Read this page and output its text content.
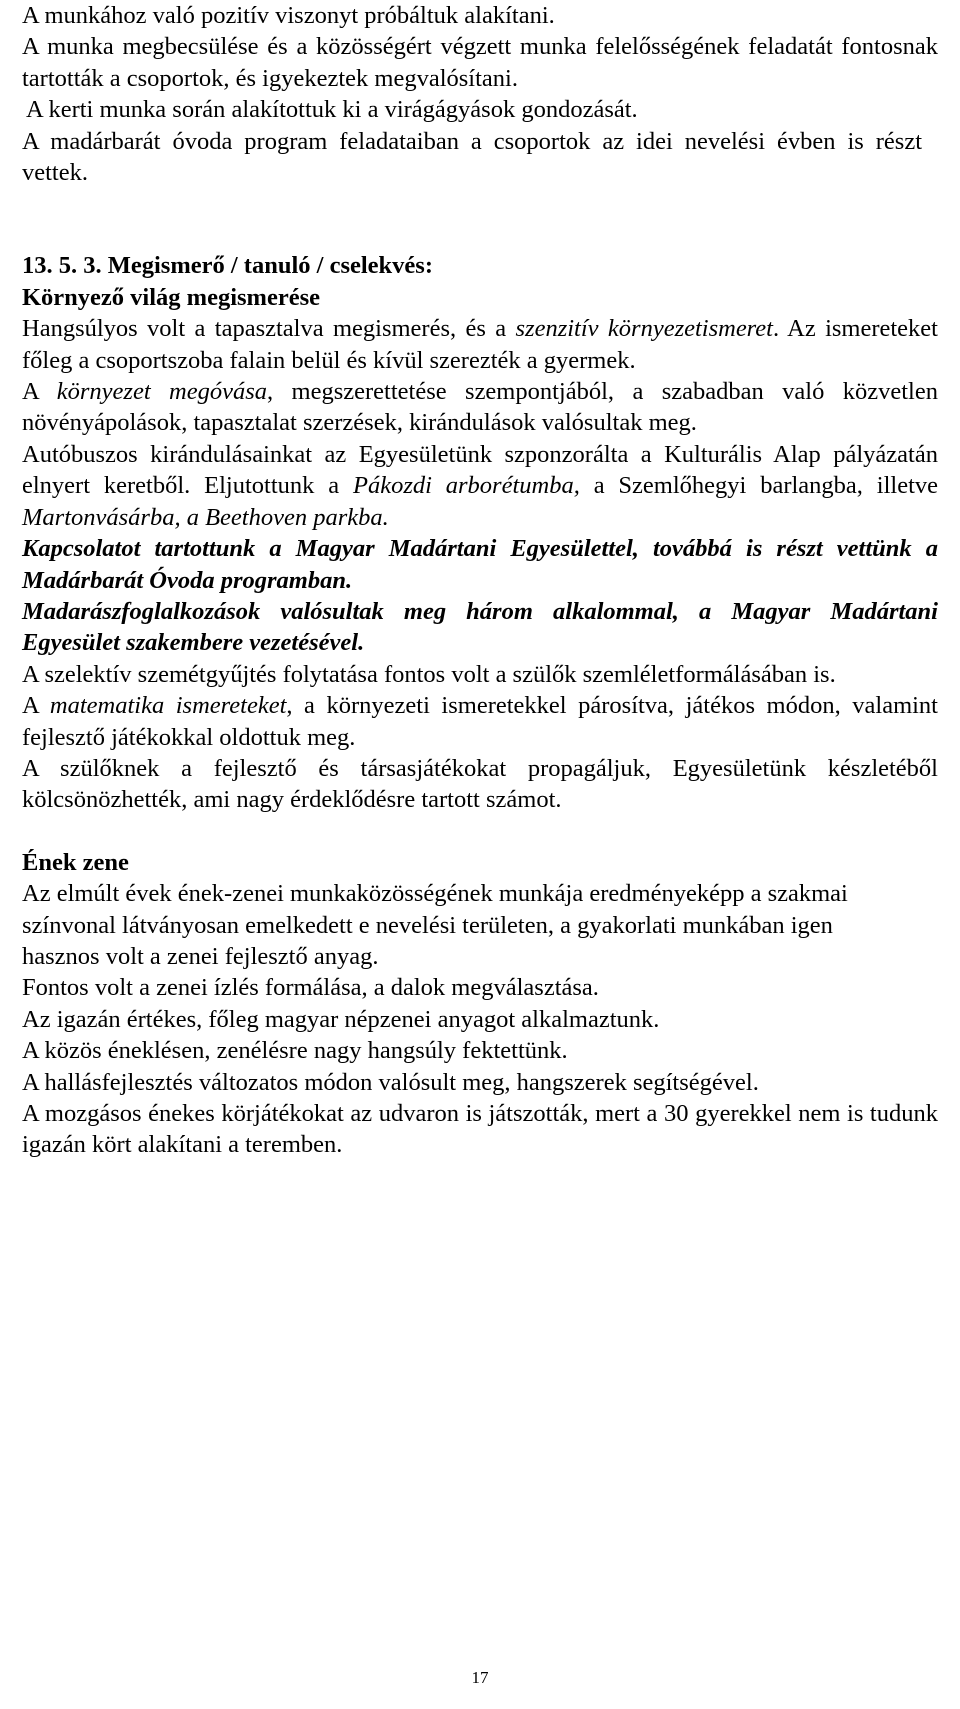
A munkához való pozitív viszonyt próbáltuk alakítani.

A munka megbecsülése és a közösségért végzett munka felelősségének feladatát fontosnak tartották a csoportok, és igyekeztek megvalósítani.

A kerti munka során alakítottuk ki a virágágyások gondozását.

A madárbarát óvoda program feladataiban a csoportok az idei nevelési évben is részt vettek.

13. 5. 3. Megismerő / tanuló / cselekvés:

Környező világ megismerése

Hangsúlyos volt a tapasztalva megismerés, és a szenzitív környezetismeret. Az ismereteket főleg a csoportszoba falain belül és kívül szerezték a gyermek.

A környezet megóvása, megszerettetése szempontjából, a szabadban való közvetlen növényápolások, tapasztalat szerzések, kirándulások valósultak meg.

Autóbuszos kirándulásainkat az Egyesületünk szponzorálta a Kulturális Alap pályázatán elnyert keretből. Eljutottunk a Pákozdi arborétumba, a Szemlőhegyi barlangba, illetve Martonvásárba, a Beethoven parkba.

Kapcsolatot tartottunk a Magyar Madártani Egyesülettel, továbbá is részt vettünk a Madárbarát Óvoda programban.

Madarászfoglalkozások valósultak meg három alkalommal, a Magyar Madártani Egyesület szakembere vezetésével.

A szelektív szemétgyűjtés folytatása fontos volt a szülők szemléletformálásában is.

A matematika ismereteket, a környezeti ismeretekkel párosítva, játékos módon, valamint fejlesztő játékokkal oldottuk meg.

A szülőknek a fejlesztő és társasjátékokat propagáljuk, Egyesületünk készletéből kölcsönözhették, ami nagy érdeklődésre tartott számot.

Ének zene

Az elmúlt évek ének-zenei munkaközösségének munkája eredményeképp a szakmai színvonal látványosan emelkedett e nevelési területen, a gyakorlati munkában igen hasznos volt a zenei fejlesztő anyag.

Fontos volt a zenei ízlés formálása, a dalok megválasztása.

Az igazán értékes, főleg magyar népzenei anyagot alkalmaztunk.

A közös éneklésen, zenélésre nagy hangsúly fektettünk.

A hallásfejlesztés változatos módon valósult meg, hangszerek segítségével.

A mozgásos énekes körjátékokat az udvaron is játszották, mert a 30 gyerekkel nem is tudunk igazán kört alakítani a teremben.

17
